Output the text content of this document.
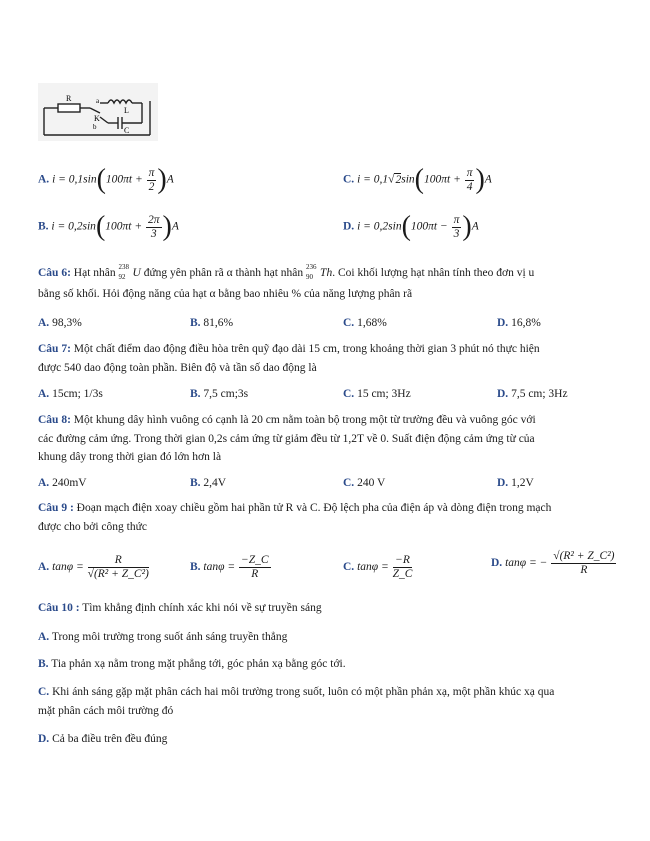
R
L
K
a
b	C
A. $i = 0,1\sin(100\pi t + \frac{\pi}{2} )A$	C. $i = 0,1√2\sin(100\pi t + \frac{\pi}{4} )A$
B. $i = 0,2\sin(100\pi t + \frac{2\pi}{3} )A$	D. $i = 0,2\sin(100\pi t - \frac{\pi}{3} )A$
Câu 6: Hạt nhân 238
92 U đứng yên phân rã α thành hạt nhân 236
90 Th. Coi khối lượng hạt nhân tính theo đơn vị u
bằng số khối. Hỏi động năng của hạt α bằng bao nhiêu % của năng lượng phân rã
A. 98,3%	B. 81,6%	C. 1,68%	D. 16,8%
Câu 7: Một chất điểm dao động điều hòa trên quỹ đạo dài 15 cm, trong khoảng thời gian 3 phút nó thực hiện
được 540 dao động toàn phần. Biên độ và tần số dao động là
A. 15cm; 1/3s	B. 7,5 cm;3s	C. 15 cm; 3Hz	D. 7,5 cm; 3Hz
Câu 8: Một khung dây hình vuông có cạnh là 20 cm nằm toàn bộ trong một từ trường đều và vuông góc với
các đường cảm ứng. Trong thời gian 0,2s cảm ứng từ giảm đều từ 1,2T về 0. Suất điện động cảm ứng từ của
khung dây trong thời gian đó lớn hơn là
A. 240mV	B. 2,4V	C. 240 V	D. 1,2V
Câu 9 : Đoạn mạch điện xoay chiều gồm hai phần tử R và C. Độ lệch pha của điện áp và dòng điện trong mạch
được cho bởi công thức
A. $\tan\varphi = \frac{R}{\text{√(R² + Z\_C²)}}$	B. $\tan\varphi = \frac{-Z\_C}{R}$	C. $\tan\varphi = \frac{-R}{Z\_C}$	D. tanφ = − $\frac{\text{√(R² + Z\_C²)}}{R}$
Câu 10 : Tìm khẳng định chính xác khi nói về sự truyền sáng
A. Trong môi trường trong suốt ánh sáng truyền thẳng
B. Tia phản xạ nằm trong mặt phẳng tới, góc phản xạ bằng góc tới.
C. Khi ánh sáng gặp mặt phân cách hai môi trường trong suốt, luôn có một phần phản xạ, một phần khúc xạ qua
mặt phân cách môi trường đó
D. Cả ba điều trên đều đúng
